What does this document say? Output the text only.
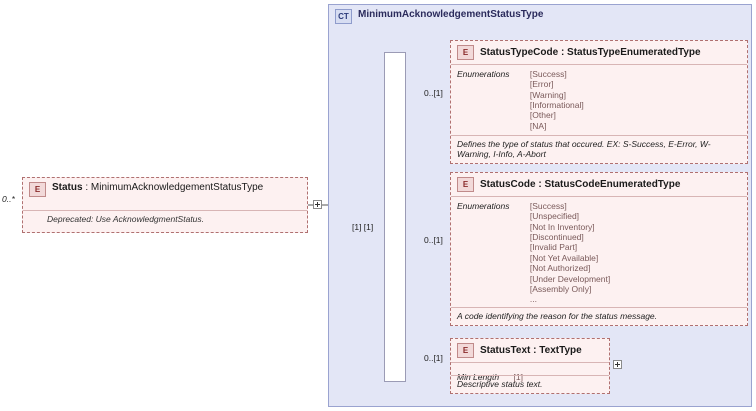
E	Status : MinimumAcknowledgementStatusType
Deprecated: Use AcknowledgmentStatus.
0..*
CT MinimumAcknowledgementStatusType
[1] [1]
E	StatusTypeCode : StatusTypeEnumeratedType
Enumerations [Success]
[Error]
[Warning]
[Informational]
[Other]
[NA]
Defines the type of status that occured. EX: S-Success, E-Error, W-Warning, I-Info, A-Abort
0..[1]
E	StatusCode : StatusCodeEnumeratedType
Enumerations [Success]
[Unspecified]
[Not In Inventory]
[Discontinued]
[Invalid Part]
[Not Yet Available]
[Not Authorized]
[Under Development]
[Assembly Only]
...
A code identifying the reason for the status message.
0..[1]
E	StatusText : TextType
Min Length [1]
Descriptive status text.
0..[1]
